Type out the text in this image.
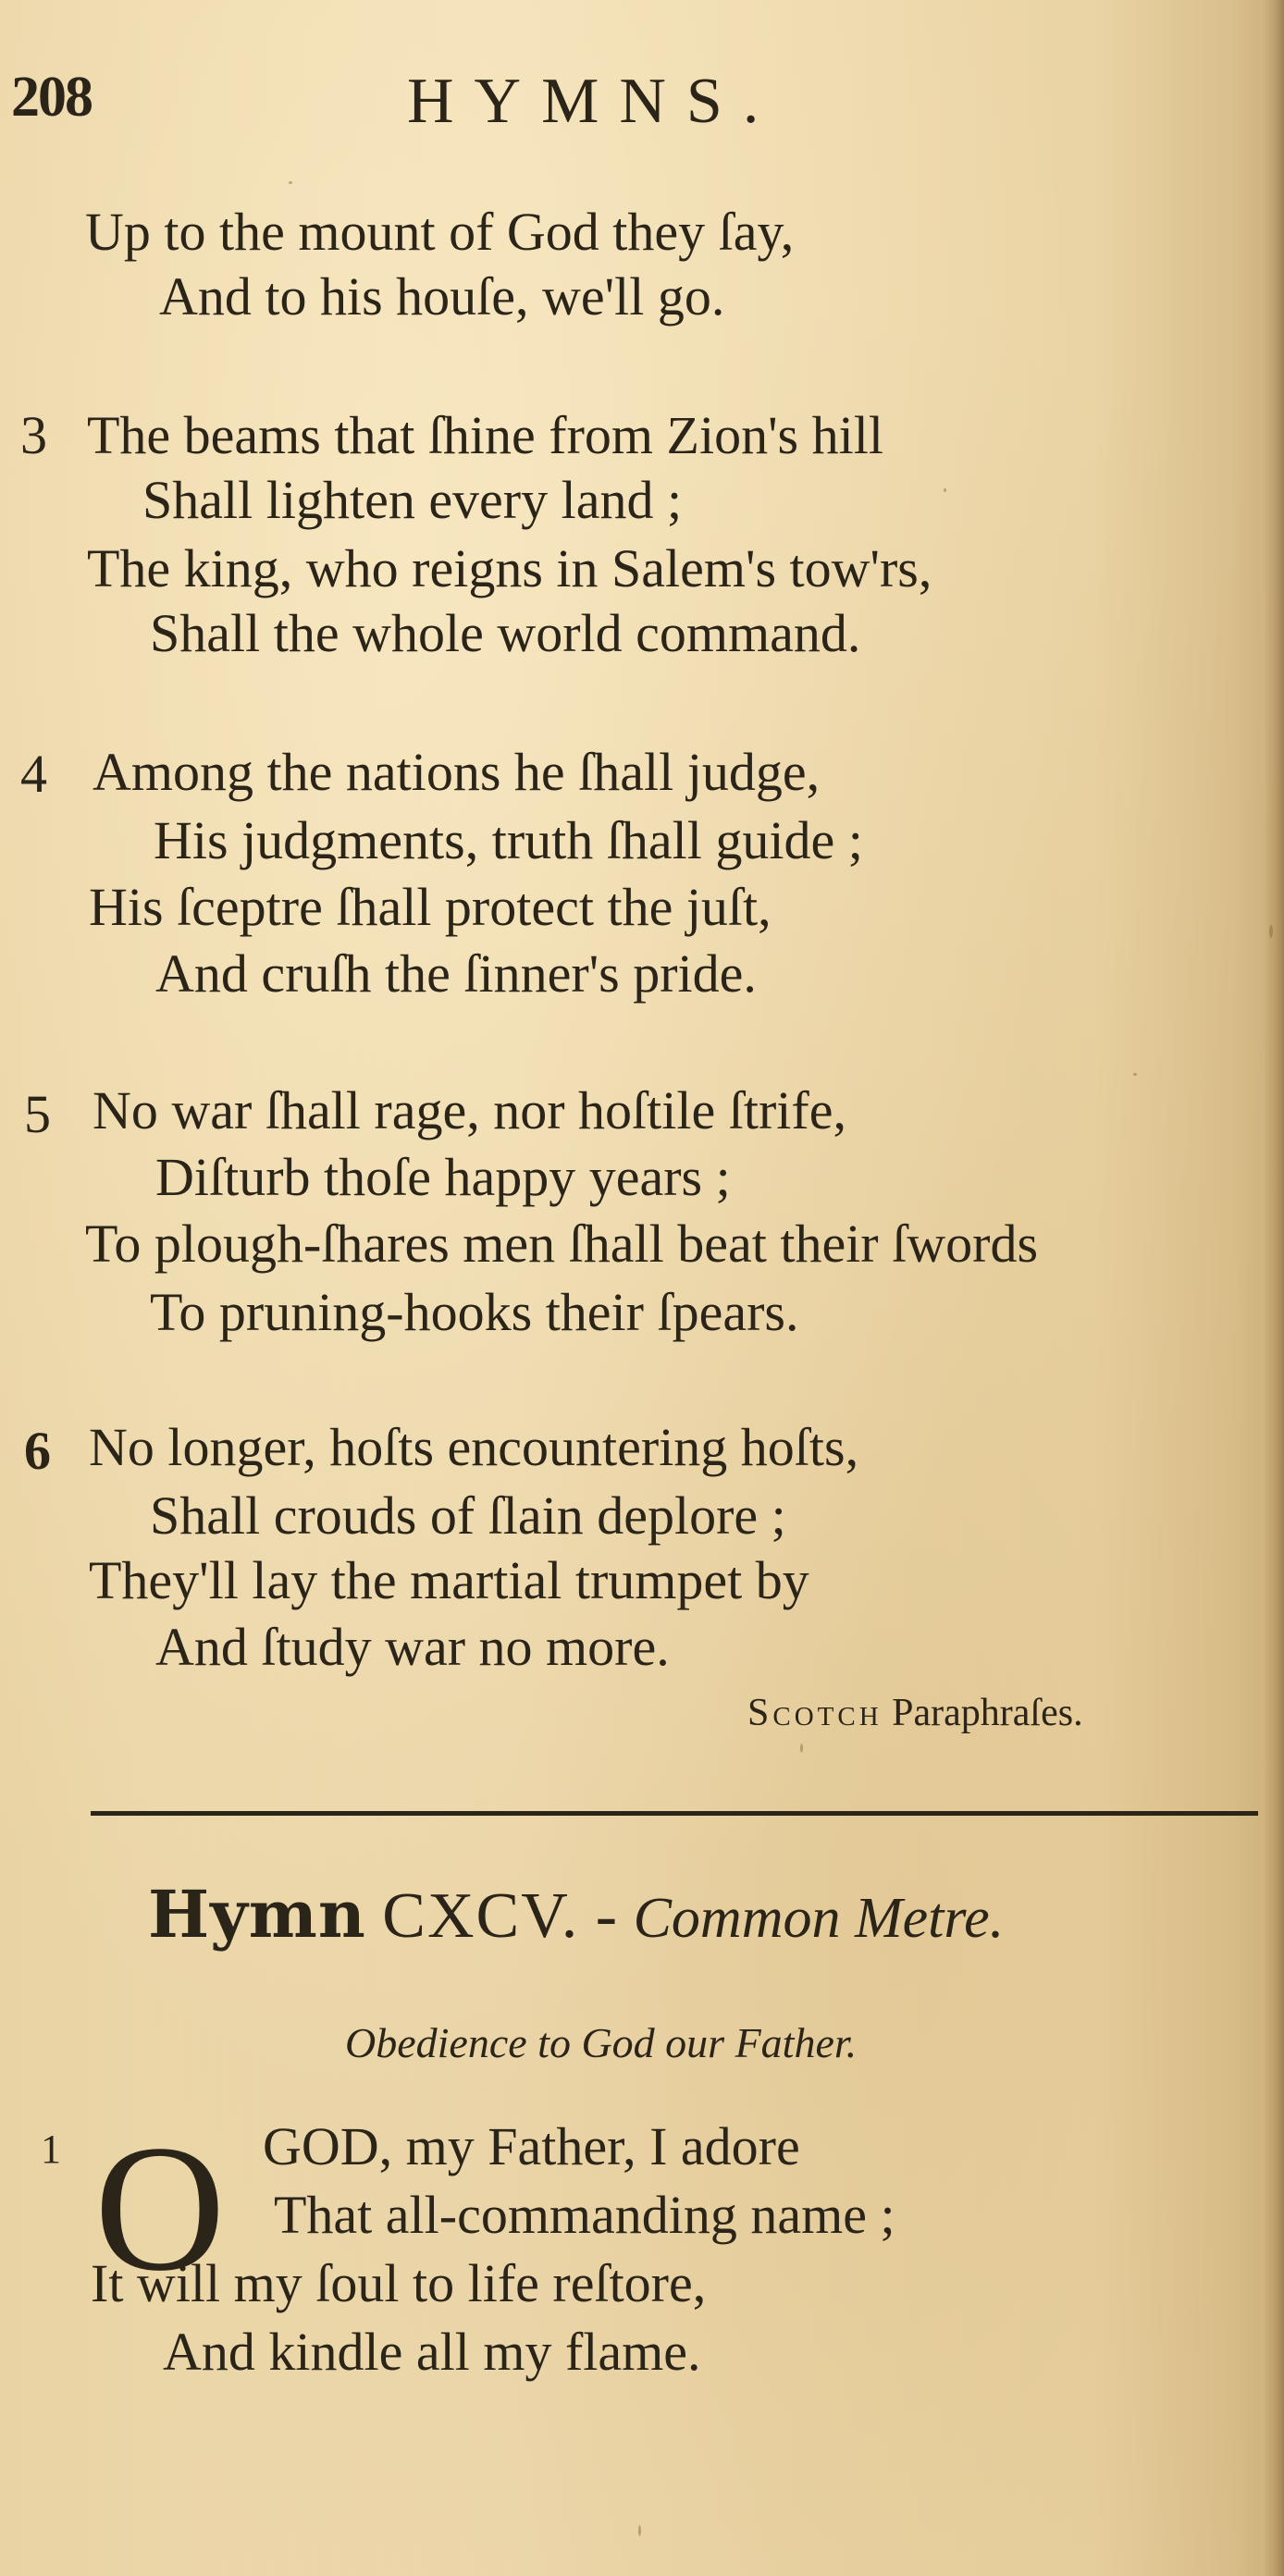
208	HYMNS.
Up to the mount of God they ſay,
And to his houſe, we'll go.
3 The beams that ſhine from Zion's hill
Shall lighten every land ;
The king, who reigns in Salem's tow'rs,
Shall the whole world command.
4 Among the nations he ſhall judge,
His judgments, truth ſhall guide ;
His ſceptre ſhall protect the juſt,
And cruſh the ſinner's pride.
5 No war ſhall rage, nor hoſtile ſtrife,
Diſturb thoſe happy years ;
To plough-ſhares men ſhall beat their ſwords
To pruning-hooks their ſpears.
6 No longer, hoſts encountering hoſts,
Shall crouds of ſlain deplore ;
They'll lay the martial trumpet by
And ſtudy war no more.
Scotch Paraphraſes.
Hymn CXCV. - Common Metre.
Obedience to God our Father.
1 O GOD, my Father, I adore
That all-commanding name ;
It will my ſoul to life reſtore,
And kindle all my flame.
